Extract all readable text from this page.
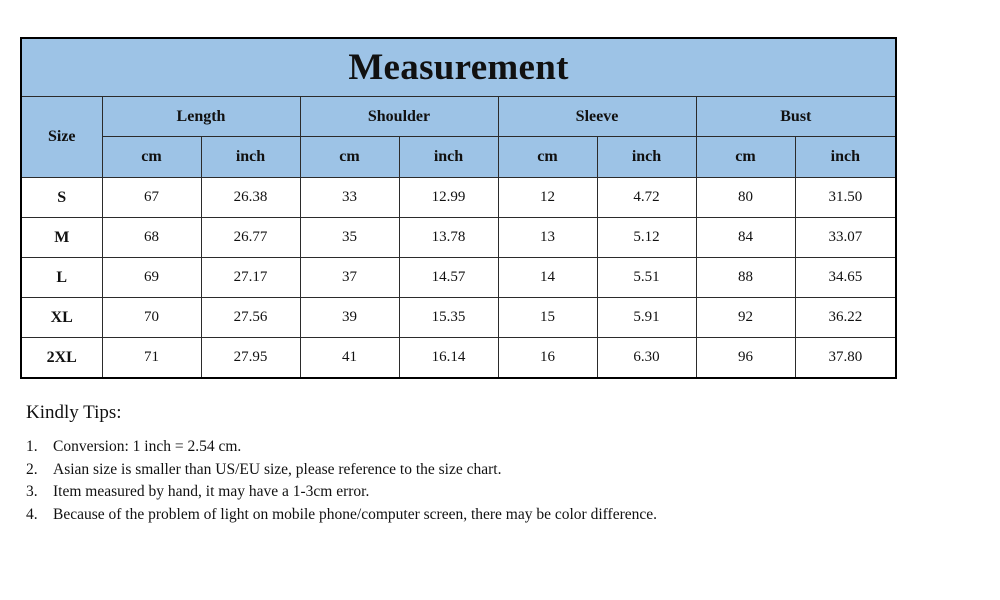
Measurement								
Size	Length		Shoulder		Sleeve		Bust	
	cm	inch	cm	inch	cm	inch	cm	inch
S	67	26.38	33	12.99	12	4.72	80	31.50
M	68	26.77	35	13.78	13	5.12	84	33.07
L	69	27.17	37	14.57	14	5.51	88	34.65
XL	70	27.56	39	15.35	15	5.91	92	36.22
2XL	71	27.95	41	16.14	16	6.30	96	37.80
Kindly Tips:
1. Conversion: 1 inch = 2.54 cm.
2. Asian size is smaller than US/EU size, please reference to the size chart.
3. Item measured by hand, it may have a 1-3cm error.
4. Because of the problem of light on mobile phone/computer screen, there may be color difference.
